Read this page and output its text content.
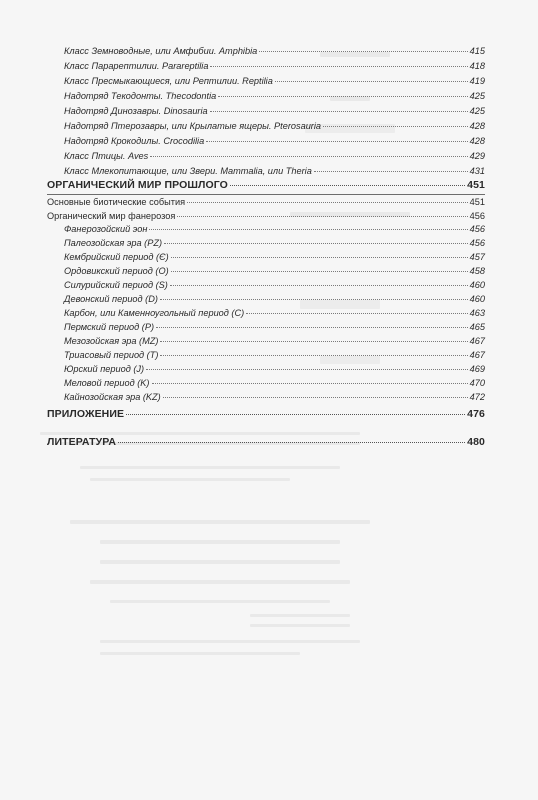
Класс Земноводные, или Амфибии. Amphibia	415
Класс Парарептилии. Parareptilia	418
Класс Пресмыкающиеся, или Рептилии. Reptilia	419
Надотряд Текодонты. Thecodontia	425
Надотряд Динозавры. Dinosauria	425
Надотряд Птерозавры, или Крылатые ящеры. Pterosauria	428
Надотряд Крокодилы. Crocodilia	428
Класс Птицы. Aves	429
Класс Млекопитающие, или Звери. Mammalia, или Theria	431
ОРГАНИЧЕСКИЙ МИР ПРОШЛОГО	451
Основные биотические события	451
Органический мир фанерозоя	456
Фанерозойский эон	456
Палеозойская эра (PZ)	456
Кембрийский период (Є)	457
Ордовикский период (O)	458
Силурийский период (S)	460
Девонский период (D)	460
Карбон, или Каменноугольный период (C)	463
Пермский период (P)	465
Мезозойская эра (MZ)	467
Триасовый период (T)	467
Юрский период (J)	469
Меловой период (K)	470
Кайнозойская эра (KZ)	472
ПРИЛОЖЕНИЕ	476
ЛИТЕРАТУРА	480
